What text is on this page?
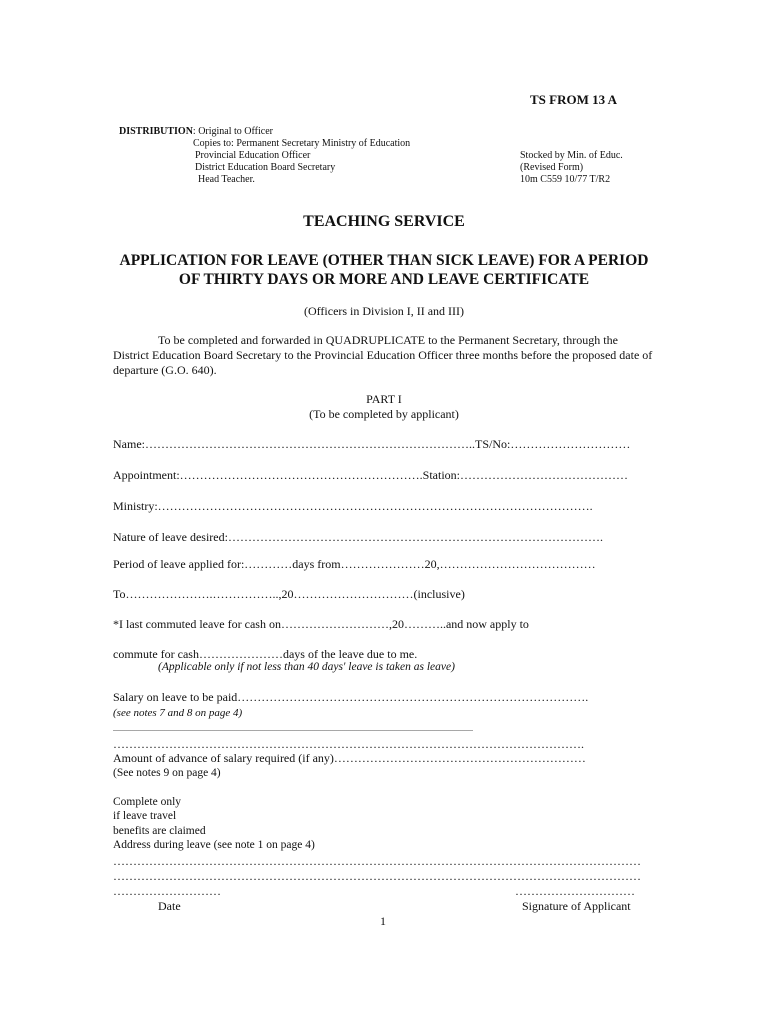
TS FROM 13 A
DISTRIBUTION: Original to Officer
Copies to: Permanent Secretary Ministry of Education
Provincial Education Officer
District Education Board Secretary
Head Teacher.
Stocked by Min. of Educ.
(Revised Form)
10m C559 10/77 T/R2
TEACHING SERVICE
APPLICATION FOR LEAVE (OTHER THAN SICK LEAVE) FOR A PERIOD
OF THIRTY DAYS OR MORE AND LEAVE CERTIFICATE
(Officers in Division I, II and III)

To be completed and forwarded in QUADRUPLICATE to the Permanent Secretary, through the District Education Board Secretary to the Provincial Education Officer three months before the proposed date of departure (G.O. 640).

PART I
(To be completed by applicant)
Name:………………………………………………………………………..TS/No:…………………………
Appointment:…………………………………………………….Station:……………………………………
Ministry:……………………………………………………………………………………………….
Nature of leave desired:………………………………………………………………………………….
Period of leave applied for:…………days from…………………20,…………………………………
To………………….……………..,20…………………………(inclusive)
*I last commuted leave for cash on………………………,20………..and now apply to
commute for cash…………………days of the leave due to me.
(Applicable only if not less than 40 days' leave is taken as leave)
Salary on leave to be paid…………………………………………………………………………….
(see notes 7 and 8 on page 4)
....................................................................................................................................................................................
……………………………………………………………………………………………………….
Amount of advance of salary required (if any)………………………………………………………
(See notes 9 on page 4)
Complete only
if leave travel
benefits are claimed
Address during leave (see note 1 on page 4)
……………………………………………………………………………………………………………………
……………………………………………………………………………………………………………………
………………………	…………………………
Date	Signature of Applicant
1
